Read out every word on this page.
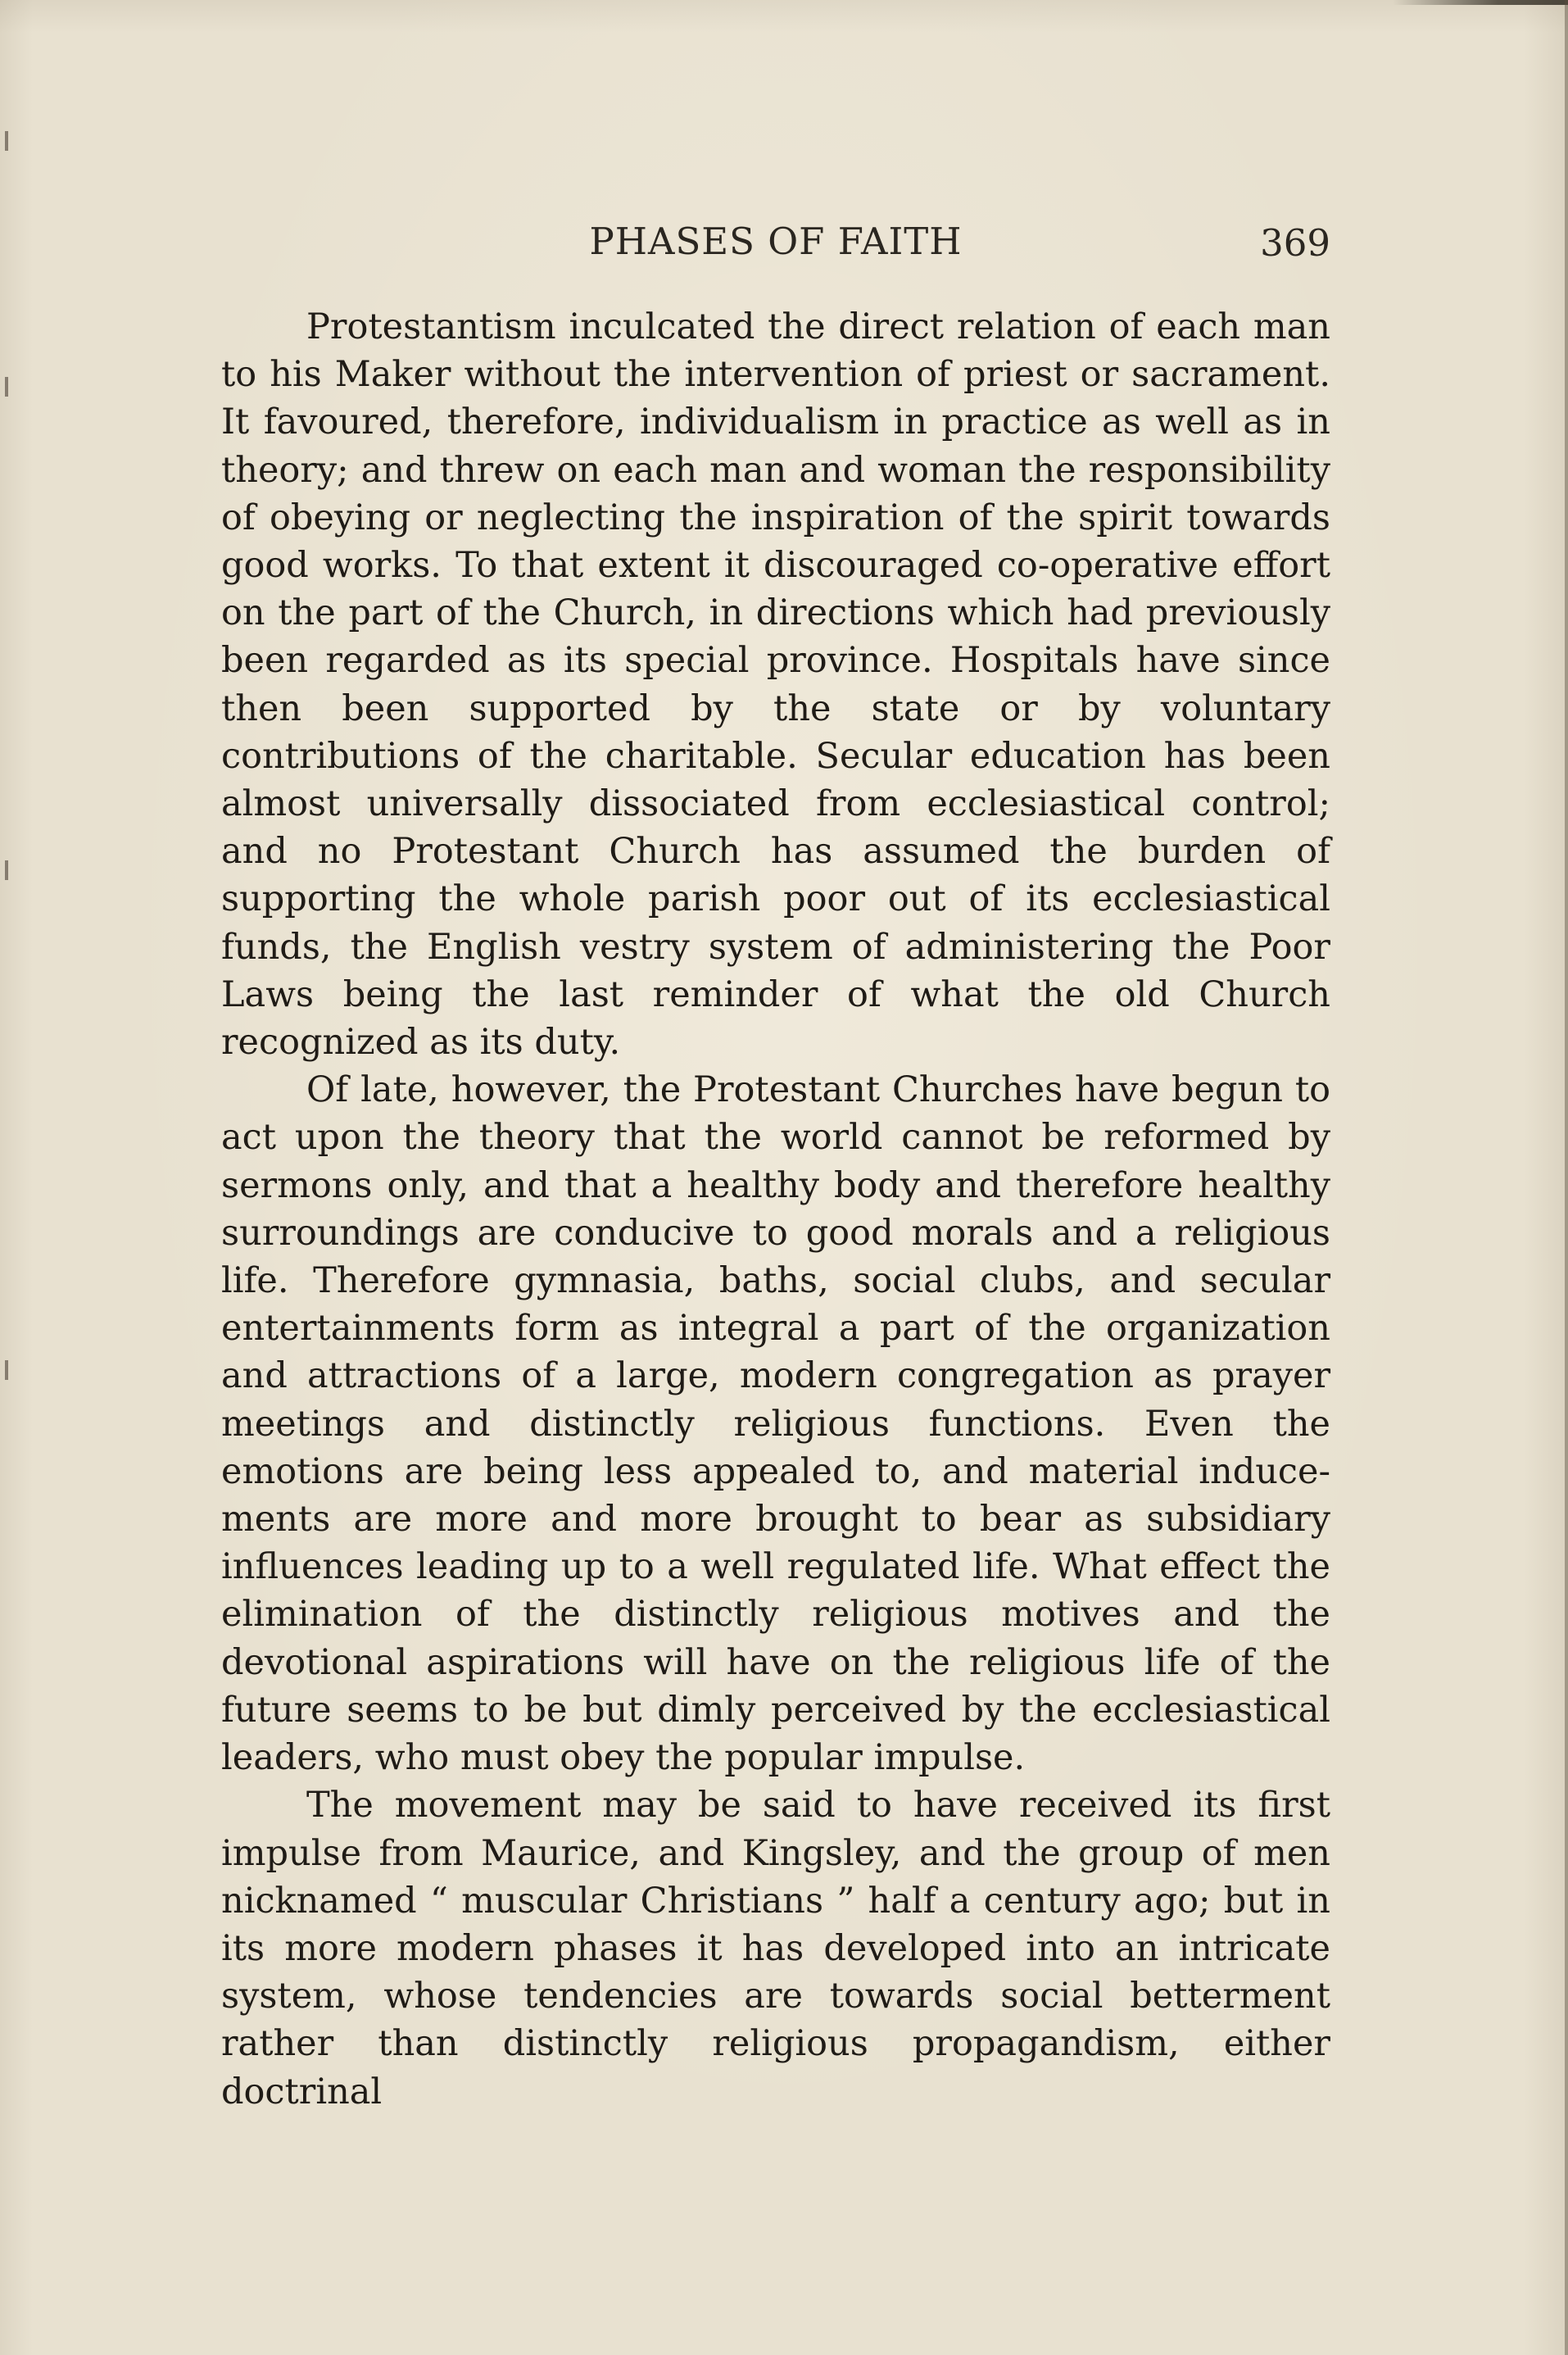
PHASES OF FAITH	369

Protestantism inculcated the direct relation of each man to his Maker without the intervention of priest or sacrament. It favoured, therefore, individualism in practice as well as in theory; and threw on each man and woman the responsibility of obeying or neglecting the inspiration of the spirit towards good works. To that extent it discouraged co-operative effort on the part of the Church, in directions which had previously been regarded as its special province. Hospitals have since then been supported by the state or by voluntary contributions of the charitable. Secular education has been almost universally dissociated from ecclesiastical control; and no Protestant Church has assumed the burden of supporting the whole parish poor out of its ecclesiastical funds, the English vestry system of administering the Poor Laws being the last reminder of what the old Church recognized as its duty.

Of late, however, the Protestant Churches have begun to act upon the theory that the world cannot be reformed by sermons only, and that a healthy body and therefore healthy surroundings are conducive to good morals and a religious life. Therefore gymnasia, baths, social clubs, and secular entertainments form as integral a part of the organization and attractions of a large, modern congregation as prayer meetings and distinctly religious functions. Even the emotions are being less appealed to, and material inducements are more and more brought to bear as subsidiary influences leading up to a well regulated life. What effect the elimination of the distinctly religious motives and the devotional aspirations will have on the religious life of the future seems to be but dimly perceived by the ecclesiastical leaders, who must obey the popular impulse.

The movement may be said to have received its first impulse from Maurice, and Kingsley, and the group of men nicknamed “ muscular Christians ” half a century ago; but in its more modern phases it has developed into an intricate system, whose tendencies are towards social betterment rather than distinctly religious propagandism, either doctrinal
